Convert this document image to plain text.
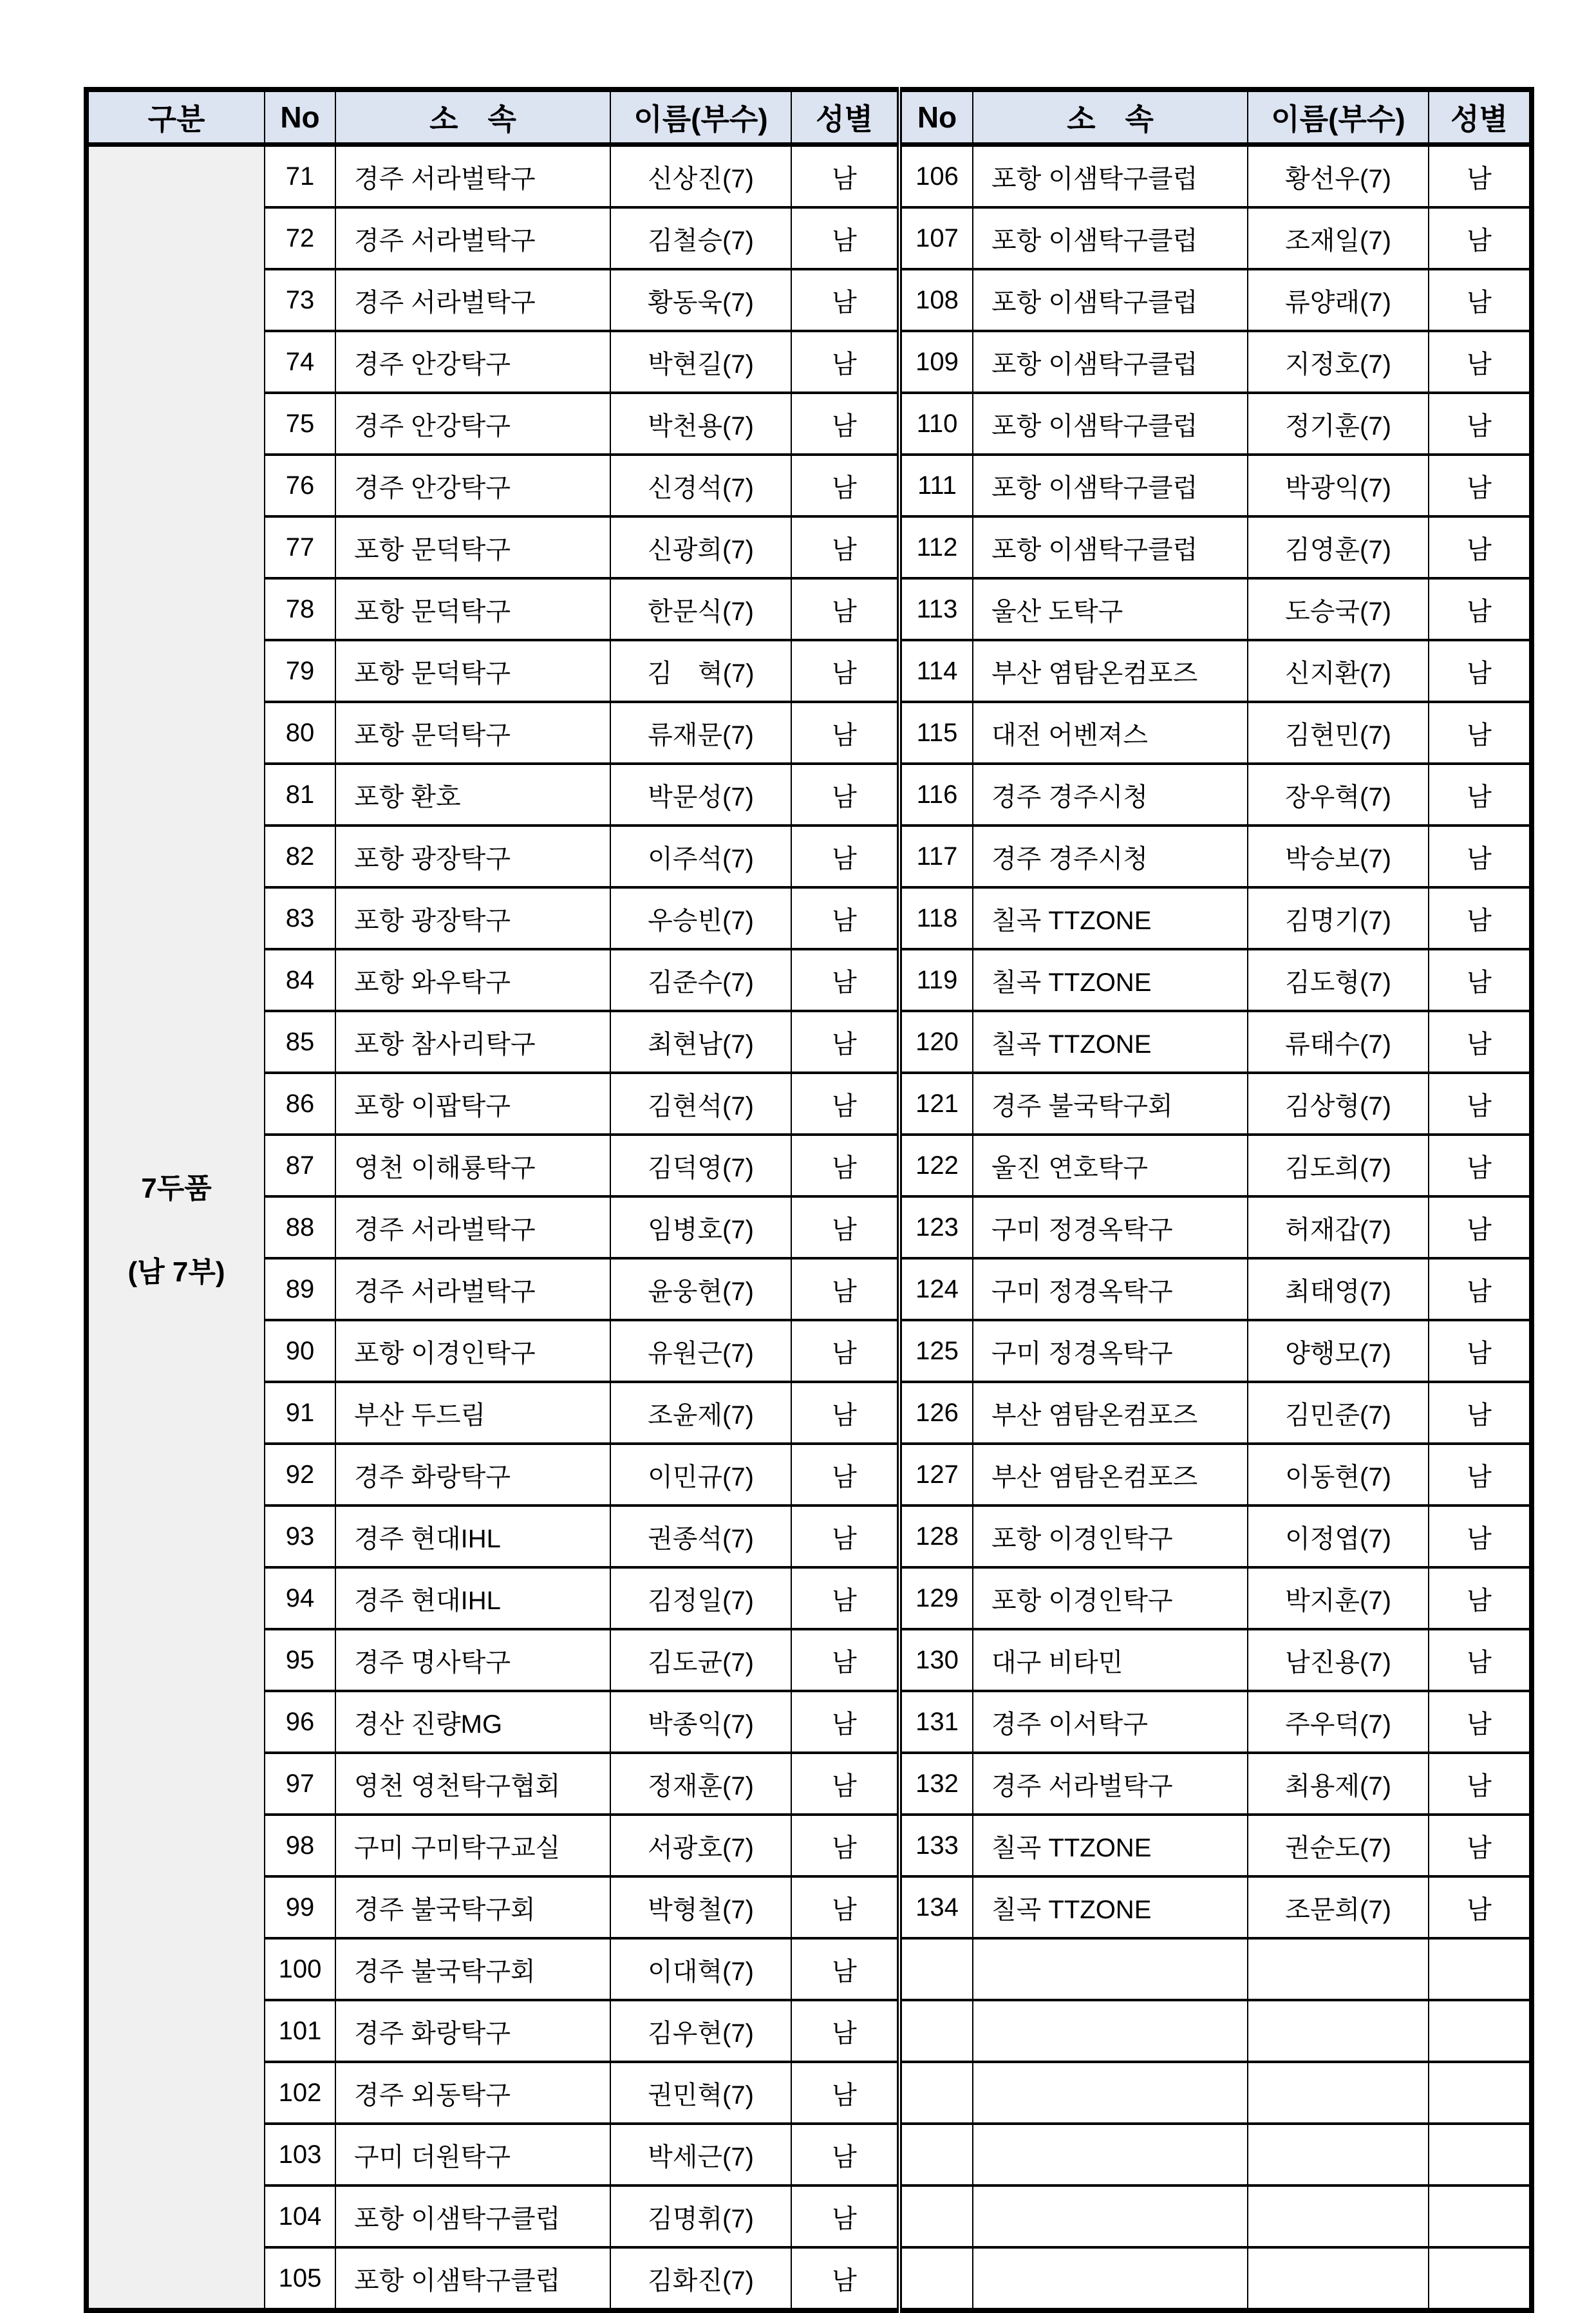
구분	No	소　속	이름(부수)	성별	No	소　속	이름(부수)	성별

7두품
(남 7부)	71	경주 서라벌탁구	신상진(7)	남	106	포항 이샘탁구클럽	황선우(7)	남
	72	경주 서라벌탁구	김철승(7)	남	107	포항 이샘탁구클럽	조재일(7)	남
	73	경주 서라벌탁구	황동욱(7)	남	108	포항 이샘탁구클럽	류양래(7)	남
	74	경주 안강탁구	박현길(7)	남	109	포항 이샘탁구클럽	지정호(7)	남
	75	경주 안강탁구	박천용(7)	남	110	포항 이샘탁구클럽	정기훈(7)	남
	76	경주 안강탁구	신경석(7)	남	111	포항 이샘탁구클럽	박광익(7)	남
	77	포항 문덕탁구	신광희(7)	남	112	포항 이샘탁구클럽	김영훈(7)	남
	78	포항 문덕탁구	한문식(7)	남	113	울산 도탁구	도승국(7)	남
	79	포항 문덕탁구	김　혁(7)	남	114	부산 염탐온컴포즈	신지환(7)	남
	80	포항 문덕탁구	류재문(7)	남	115	대전 어벤져스	김현민(7)	남
	81	포항 환호	박문성(7)	남	116	경주 경주시청	장우혁(7)	남
	82	포항 광장탁구	이주석(7)	남	117	경주 경주시청	박승보(7)	남
	83	포항 광장탁구	우승빈(7)	남	118	칠곡 TTZONE	김명기(7)	남
	84	포항 와우탁구	김준수(7)	남	119	칠곡 TTZONE	김도형(7)	남
	85	포항 참사리탁구	최현남(7)	남	120	칠곡 TTZONE	류태수(7)	남
	86	포항 이팝탁구	김현석(7)	남	121	경주 불국탁구회	김상형(7)	남
	87	영천 이해룡탁구	김덕영(7)	남	122	울진 연호탁구	김도희(7)	남
	88	경주 서라벌탁구	임병호(7)	남	123	구미 정경옥탁구	허재갑(7)	남
	89	경주 서라벌탁구	윤웅현(7)	남	124	구미 정경옥탁구	최태영(7)	남
	90	포항 이경인탁구	유원근(7)	남	125	구미 정경옥탁구	양행모(7)	남
	91	부산 두드림	조윤제(7)	남	126	부산 염탐온컴포즈	김민준(7)	남
	92	경주 화랑탁구	이민규(7)	남	127	부산 염탐온컴포즈	이동현(7)	남
	93	경주 현대IHL	권종석(7)	남	128	포항 이경인탁구	이정엽(7)	남
	94	경주 현대IHL	김정일(7)	남	129	포항 이경인탁구	박지훈(7)	남
	95	경주 명사탁구	김도균(7)	남	130	대구 비타민	남진용(7)	남
	96	경산 진량MG	박종익(7)	남	131	경주 이서탁구	주우덕(7)	남
	97	영천 영천탁구협회	정재훈(7)	남	132	경주 서라벌탁구	최용제(7)	남
	98	구미 구미탁구교실	서광호(7)	남	133	칠곡 TTZONE	권순도(7)	남
	99	경주 불국탁구회	박형철(7)	남	134	칠곡 TTZONE	조문희(7)	남
	100	경주 불국탁구회	이대혁(7)	남				
	101	경주 화랑탁구	김우현(7)	남				
	102	경주 외동탁구	권민혁(7)	남				
	103	구미 더원탁구	박세근(7)	남				
	104	포항 이샘탁구클럽	김명휘(7)	남				
	105	포항 이샘탁구클럽	김화진(7)	남				
